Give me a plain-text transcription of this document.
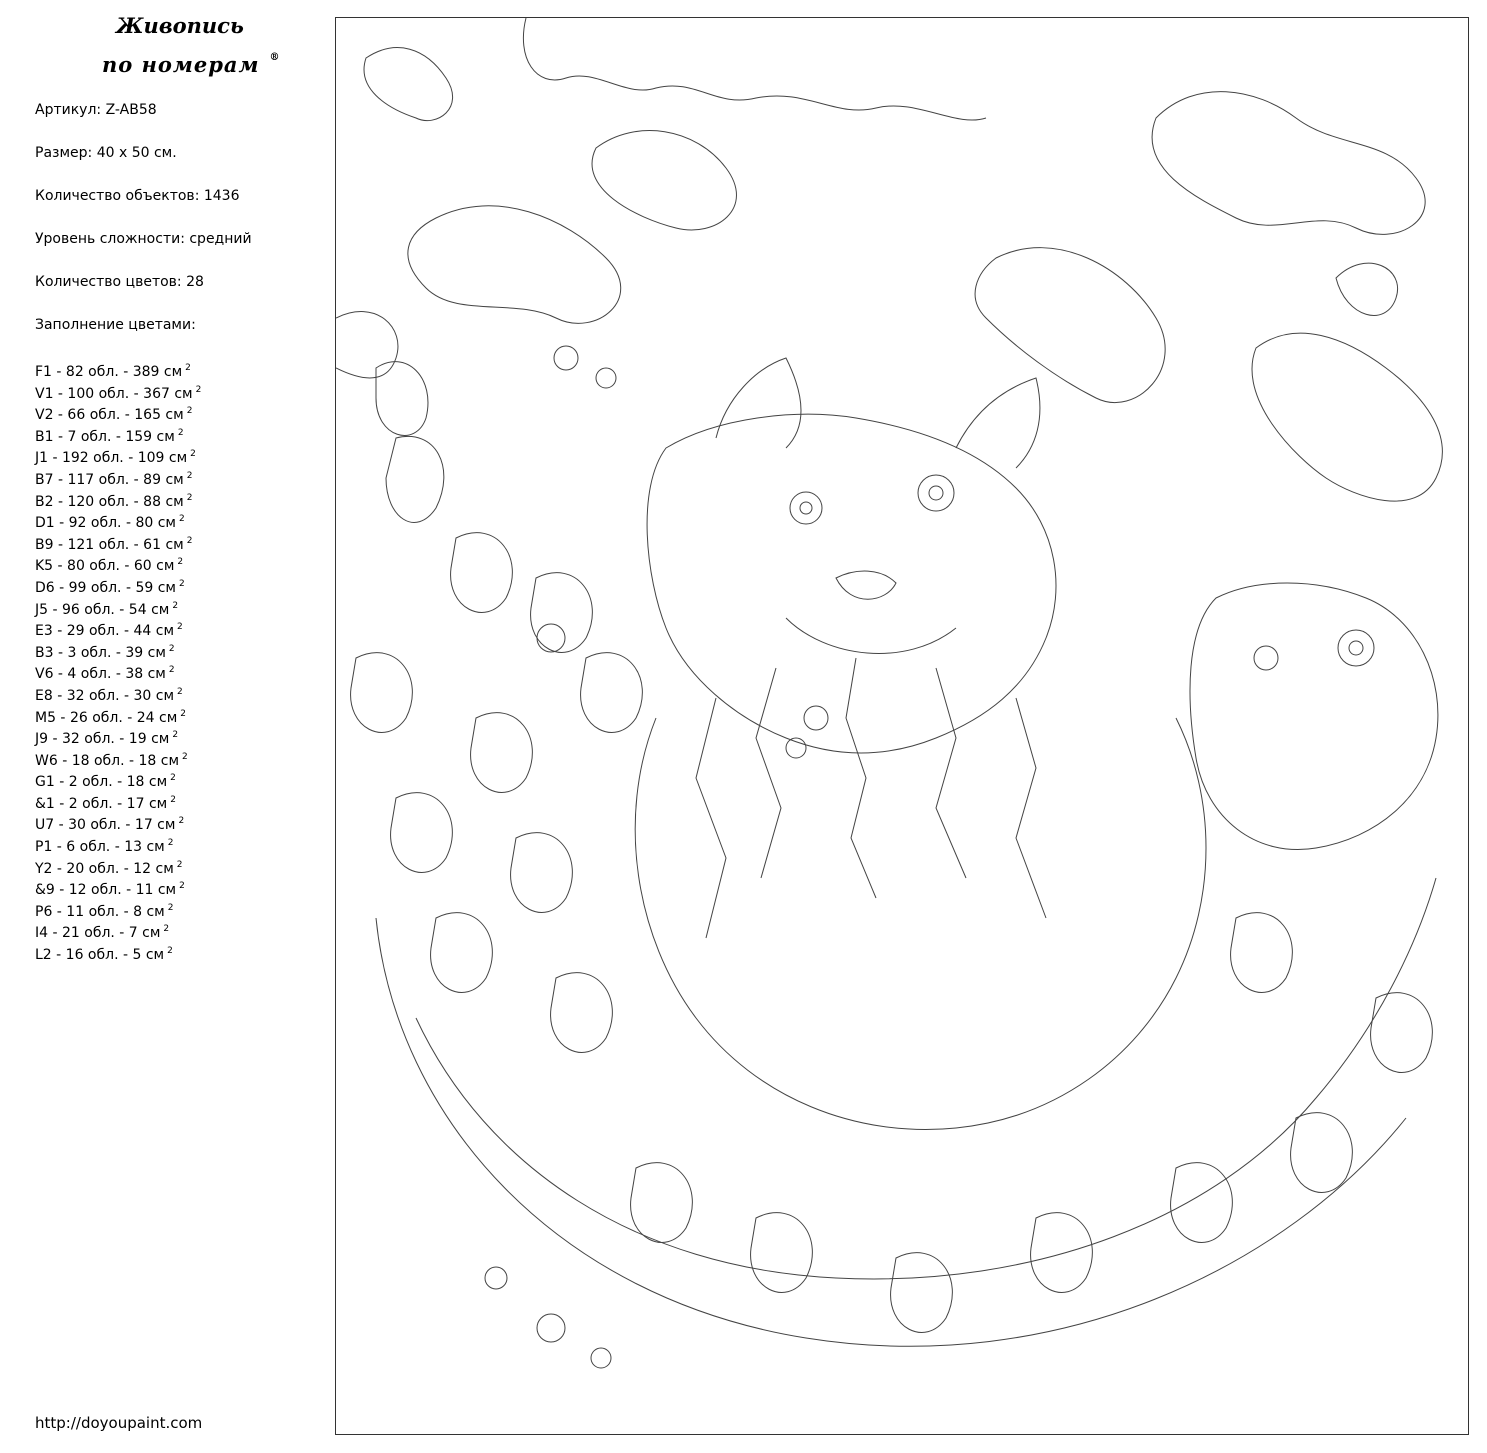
Живопись
по номерам ®
Артикул: Z-AB58
Размер: 40 x 50 см.
Количество объектов: 1436
Уровень сложности: средний
Количество цветов: 28
Заполнение цветами:
F1 - 82 обл. - 389 см $^2$
V1 - 100 обл. - 367 см $^2$
V2 - 66 обл. - 165 см $^2$
B1 - 7 обл. - 159 см $^2$
J1 - 192 обл. - 109 см $^2$
B7 - 117 обл. - 89 см $^2$
B2 - 120 обл. - 88 см $^2$
D1 - 92 обл. - 80 см $^2$
B9 - 121 обл. - 61 см $^2$
K5 - 80 обл. - 60 см $^2$
D6 - 99 обл. - 59 см $^2$
J5 - 96 обл. - 54 см $^2$
E3 - 29 обл. - 44 см $^2$
B3 - 3 обл. - 39 см $^2$
V6 - 4 обл. - 38 см $^2$
E8 - 32 обл. - 30 см $^2$
M5 - 26 обл. - 24 см $^2$
J9 - 32 обл. - 19 см $^2$
W6 - 18 обл. - 18 см $^2$
G1 - 2 обл. - 18 см $^2$
&1 - 2 обл. - 17 см $^2$
U7 - 30 обл. - 17 см $^2$
P1 - 6 обл. - 13 см $^2$
Y2 - 20 обл. - 12 см $^2$
&9 - 12 обл. - 11 см $^2$
P6 - 11 обл. - 8 см $^2$
I4 - 21 обл. - 7 см $^2$
L2 - 16 обл. - 5 см $^2$
http://doyoupaint.com
